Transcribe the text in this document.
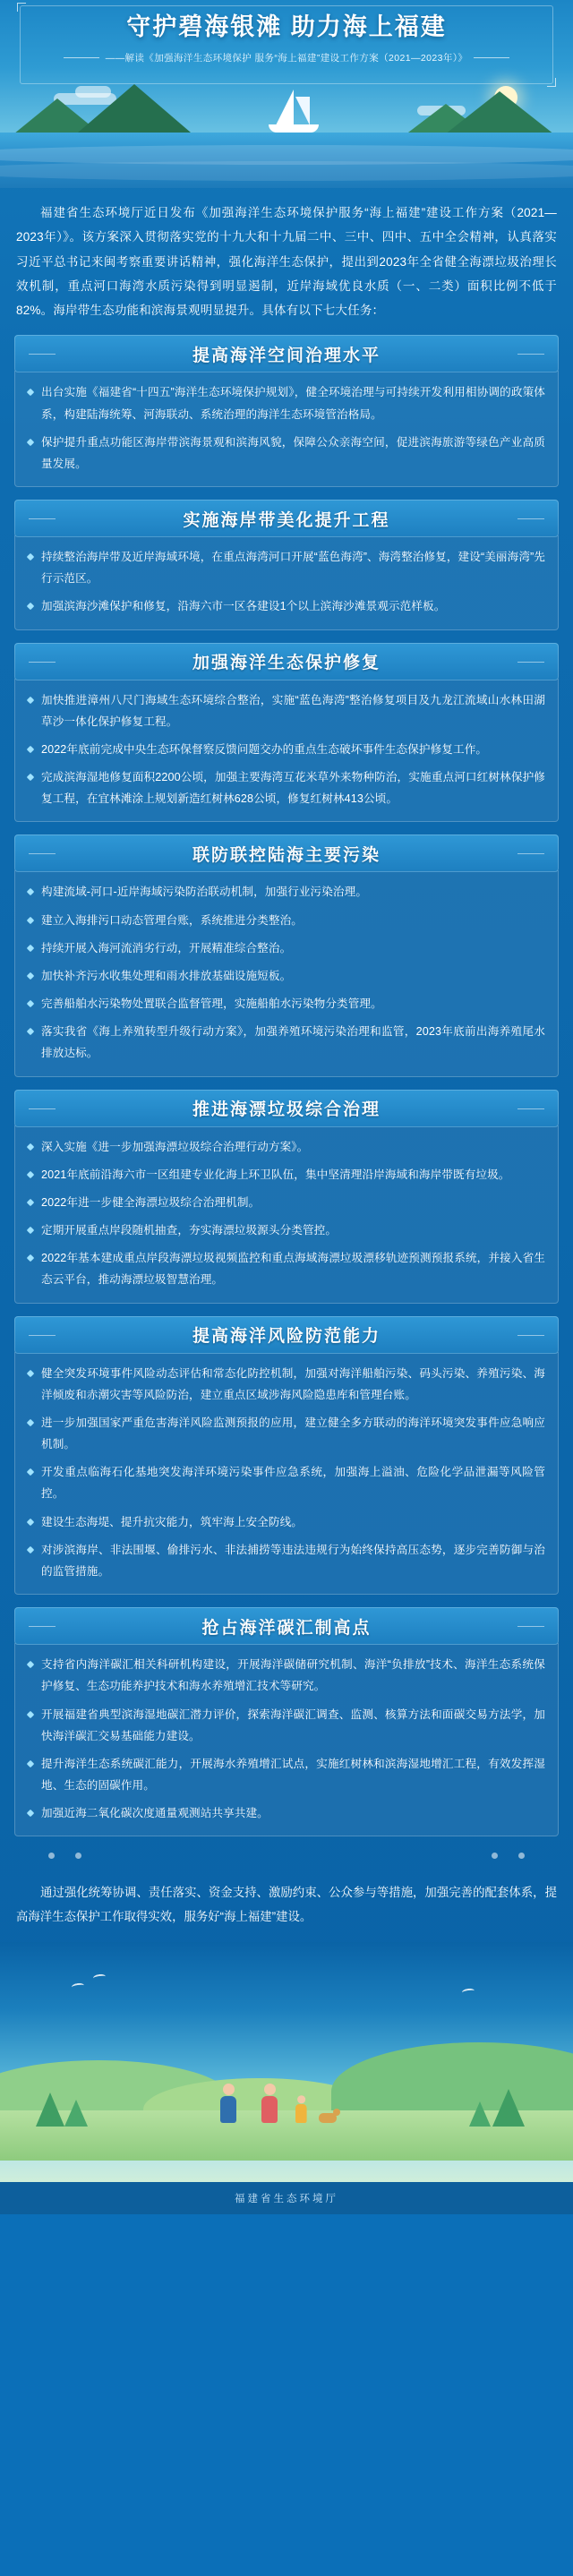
守护碧海银滩 助力海上福建
——解读《加强海洋生态环境保护 服务“海上福建”建设工作方案（2021—2023年）》

福建省生态环境厅近日发布《加强海洋生态环境保护服务“海上福建”建设工作方案（2021—2023年）》。该方案深入贯彻落实党的十九大和十九届二中、三中、四中、五中全会精神，认真落实习近平总书记来闽考察重要讲话精神，强化海洋生态保护，提出到2023年全省健全海漂垃圾治理长效机制，重点河口海湾水质污染得到明显遏制，近岸海域优良水质（一、二类）面积比例不低于82%。海岸带生态功能和滨海景观明显提升。具体有以下七大任务：

提高海洋空间治理水平

出台实施《福建省“十四五”海洋生态环境保护规划》，健全环境治理与可持续开发利用相协调的政策体系，构建陆海统筹、河海联动、系统治理的海洋生态环境管治格局。

保护提升重点功能区海岸带滨海景观和滨海风貌，保障公众亲海空间，促进滨海旅游等绿色产业高质量发展。

实施海岸带美化提升工程

持续整治海岸带及近岸海域环境，在重点海湾河口开展“蓝色海湾”、海湾整治修复，建设“美丽海湾”先行示范区。

加强滨海沙滩保护和修复，沿海六市一区各建设1个以上滨海沙滩景观示范样板。

加强海洋生态保护修复

加快推进漳州八尺门海域生态环境综合整治，实施“蓝色海湾”整治修复项目及九龙江流域山水林田湖草沙一体化保护修复工程。

2022年底前完成中央生态环保督察反馈问题交办的重点生态破坏事件生态保护修复工作。

完成滨海湿地修复面积2200公顷，加强主要海湾互花米草外来物种防治，实施重点河口红树林保护修复工程，在宜林滩涂上规划新造红树林628公顷，修复红树林413公顷。

联防联控陆海主要污染

构建流域-河口-近岸海域污染防治联动机制，加强行业污染治理。

建立入海排污口动态管理台账，系统推进分类整治。

持续开展入海河流消劣行动，开展精准综合整治。

加快补齐污水收集处理和雨水排放基础设施短板。

完善船舶水污染物处置联合监督管理，实施船舶水污染物分类管理。

落实我省《海上养殖转型升级行动方案》，加强养殖环境污染治理和监管，2023年底前出海养殖尾水排放达标。

推进海漂垃圾综合治理

深入实施《进一步加强海漂垃圾综合治理行动方案》。

2021年底前沿海六市一区组建专业化海上环卫队伍，集中坚清理沿岸海域和海岸带既有垃圾。

2022年进一步健全海漂垃圾综合治理机制。

定期开展重点岸段随机抽查，夯实海漂垃圾源头分类管控。

2022年基本建成重点岸段海漂垃圾视频监控和重点海域海漂垃圾漂移轨迹预测预报系统，并接入省生态云平台，推动海漂垃圾智慧治理。

提高海洋风险防范能力

健全突发环境事件风险动态评估和常态化防控机制，加强对海洋船舶污染、码头污染、养殖污染、海洋倾废和赤潮灾害等风险防治，建立重点区域涉海风险隐患库和管理台账。

进一步加强国家严重危害海洋风险监测预报的应用，建立健全多方联动的海洋环境突发事件应急响应机制。

开发重点临海石化基地突发海洋环境污染事件应急系统，加强海上溢油、危险化学品泄漏等风险管控。

建设生态海堤、提升抗灾能力，筑牢海上安全防线。

对涉滨海岸、非法围堰、偷排污水、非法捕捞等违法违规行为始终保持高压态势，逐步完善防御与治的监管措施。

抢占海洋碳汇制高点

支持省内海洋碳汇相关科研机构建设，开展海洋碳储研究机制、海洋“负排放”技术、海洋生态系统保护修复、生态功能养护技术和海水养殖增汇技术等研究。

开展福建省典型滨海湿地碳汇潜力评价，探索海洋碳汇调查、监测、核算方法和面碳交易方法学，加快海洋碳汇交易基础能力建设。

提升海洋生态系统碳汇能力，开展海水养殖增汇试点，实施红树林和滨海湿地增汇工程，有效发挥湿地、生态的固碳作用。

加强近海二氧化碳次度通量观测站共享共建。

通过强化统筹协调、责任落实、资金支持、激励约束、公众参与等措施，加强完善的配套体系，提高海洋生态保护工作取得实效，服务好“海上福建”建设。

福建省生态环境厅
